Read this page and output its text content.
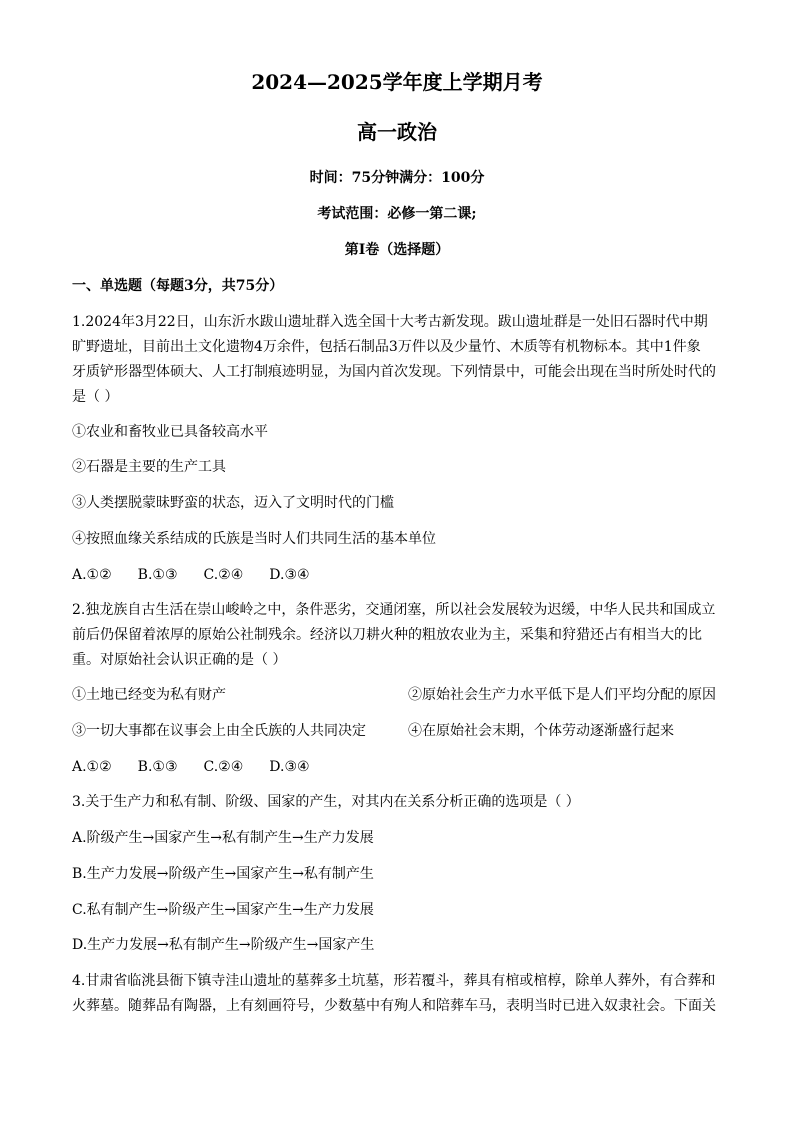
2024—2025学年度上学期月考
高一政治
时间：75分钟满分：100分
考试范围：必修一第二课;
第Ⅰ卷（选择题）
一、单选题（每题3分，共75分）
1.2024年3月22日，山东沂水跋山遗址群入选全国十大考古新发现。跋山遗址群是一处旧石器时代中期
旷野遗址，目前出土文化遗物4万余件，包括石制品3万件以及少量竹、木质等有机物标本。其中1件象
牙质铲形器型体硕大、人工打制痕迹明显，为国内首次发现。下列情景中，可能会出现在当时所处时代的
是（ ）
①农业和畜牧业已具备较高水平
②石器是主要的生产工具
③人类摆脱蒙昧野蛮的状态，迈入了文明时代的门槛
④按照血缘关系结成的氏族是当时人们共同生活的基本单位
A.①② B.①③ C.②④ D.③④
2.独龙族自古生活在崇山峻岭之中，条件恶劣，交通闭塞，所以社会发展较为迟缓，中华人民共和国成立
前后仍保留着浓厚的原始公社制残余。经济以刀耕火种的粗放农业为主，采集和狩猎还占有相当大的比
重。对原始社会认识正确的是（ ）
①土地已经变为私有财产	②原始社会生产力水平低下是人们平均分配的原因
③一切大事都在议事会上由全氏族的人共同决定	④在原始社会末期，个体劳动逐渐盛行起来
A.①② B.①③ C.②④ D.③④
3.关于生产力和私有制、阶级、国家的产生，对其内在关系分析正确的选项是（ ）
A.阶级产生→国家产生→私有制产生→生产力发展
B.生产力发展→阶级产生→国家产生→私有制产生
C.私有制产生→阶级产生→国家产生→生产力发展
D.生产力发展→私有制产生→阶级产生→国家产生
4.甘肃省临洮县衙下镇寺洼山遗址的墓葬多土坑墓，形若覆斗，葬具有棺或棺椁，除单人葬外，有合葬和
火葬墓。随葬品有陶器，上有刻画符号，少数墓中有殉人和陪葬车马，表明当时已进入奴隶社会。下面关
